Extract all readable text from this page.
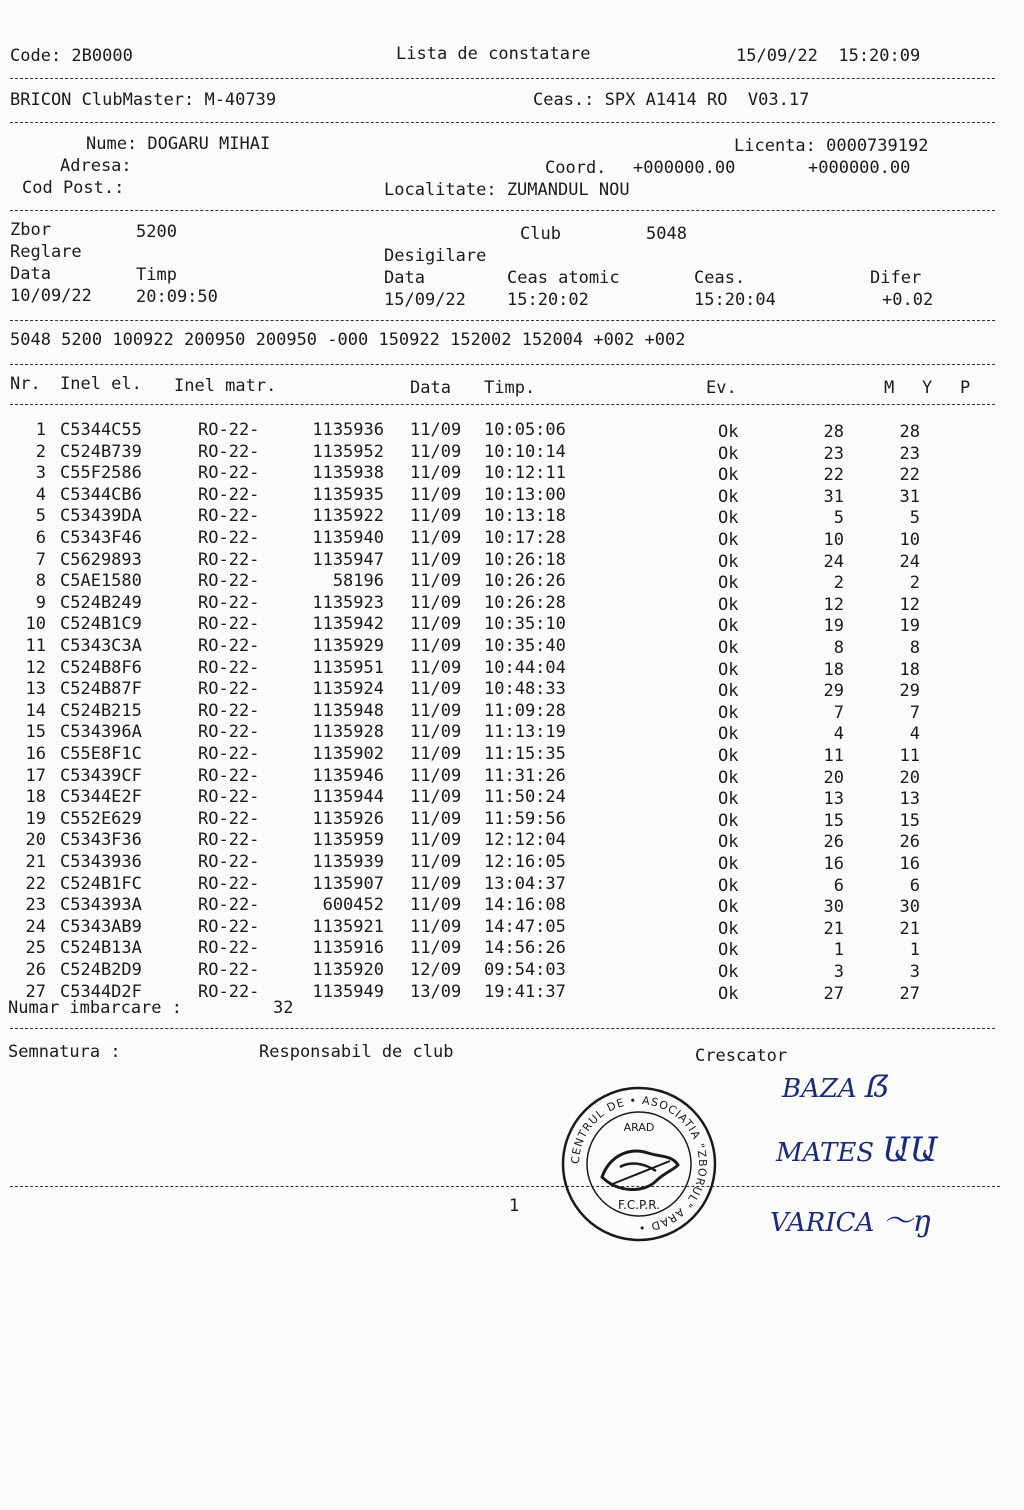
Code: 2B0000	Lista de constatare	15/09/22  15:20:09
BRICON ClubMaster: M-40739	Ceas.: SPX A1414 RO  V03.17
Nume: DOGARU MIHAI	Licenta: 0000739192
Adresa:	Coord. +000000.00	+000000.00
Cod Post.:	Localitate: ZUMANDUL NOU
Zbor	5200	Club	5048
Reglare	Desigilare
Data	Timp	Data	Ceas atomic	Ceas.	Difer
10/09/22	20:09:50	15/09/22 15:20:02	15:20:04	+0.02
5048 5200 100922 200950 200950 -000 150922 152002 152004 +002 +002
Nr. Inel el. Inel matr.	Data Timp.	Ev.	M Y P
1 C5344C55	RO-22-	1135936 11/09 10:05:06	Ok	28	28
2 C524B739	RO-22-	1135952 11/09 10:10:14	Ok	23	23
3 C55F2586	RO-22-	1135938 11/09 10:12:11	Ok	22	22
4 C5344CB6	RO-22-	1135935 11/09 10:13:00	Ok	31	31
5 C53439DA	RO-22-	1135922 11/09 10:13:18	Ok	5	5
6 C5343F46	RO-22-	1135940 11/09 10:17:28	Ok	10	10
7 C5629893	RO-22-	1135947 11/09 10:26:18	Ok	24	24
8 C5AE1580	RO-22-	58196 11/09 10:26:26	Ok	2	2
9 C524B249	RO-22-	1135923 11/09 10:26:28	Ok	12	12
10 C524B1C9	RO-22-	1135942 11/09 10:35:10	Ok	19	19
11 C5343C3A	RO-22-	1135929 11/09 10:35:40	Ok	8	8
12 C524B8F6	RO-22-	1135951 11/09 10:44:04	Ok	18	18
13 C524B87F	RO-22-	1135924 11/09 10:48:33	Ok	29	29
14 C524B215	RO-22-	1135948 11/09 11:09:28	Ok	7	7
15 C534396A	RO-22-	1135928 11/09 11:13:19	Ok	4	4
16 C55E8F1C	RO-22-	1135902 11/09 11:15:35	Ok	11	11
17 C53439CF	RO-22-	1135946 11/09 11:31:26	Ok	20	20
18 C5344E2F	RO-22-	1135944 11/09 11:50:24	Ok	13	13
19 C552E629	RO-22-	1135926 11/09 11:59:56	Ok	15	15
20 C5343F36	RO-22-	1135959 11/09 12:12:04	Ok	26	26
21 C5343936	RO-22-	1135939 11/09 12:16:05	Ok	16	16
22 C524B1FC	RO-22-	1135907 11/09 13:04:37	Ok	6	6
23 C534393A	RO-22-	600452 11/09 14:16:08	Ok	30	30
24 C5343AB9	RO-22-	1135921 11/09 14:47:05	Ok	21	21
25 C524B13A	RO-22-	1135916 11/09 14:56:26	Ok	1	1
26 C524B2D9	RO-22-	1135920 12/09 09:54:03	Ok	3	3
27 C5344D2F	RO-22-	1135949 13/09 19:41:37	Ok	27	27
Numar imbarcare :	32
Semnatura :	Responsabil de club	Crescator
1
BAZA ẞ
MATES ԱԱ
VARICA 〜ŋ
CENTRUL DE • ASOCIATIA "ZBORUL" ARAD •
F.C.P.R.
ARAD
